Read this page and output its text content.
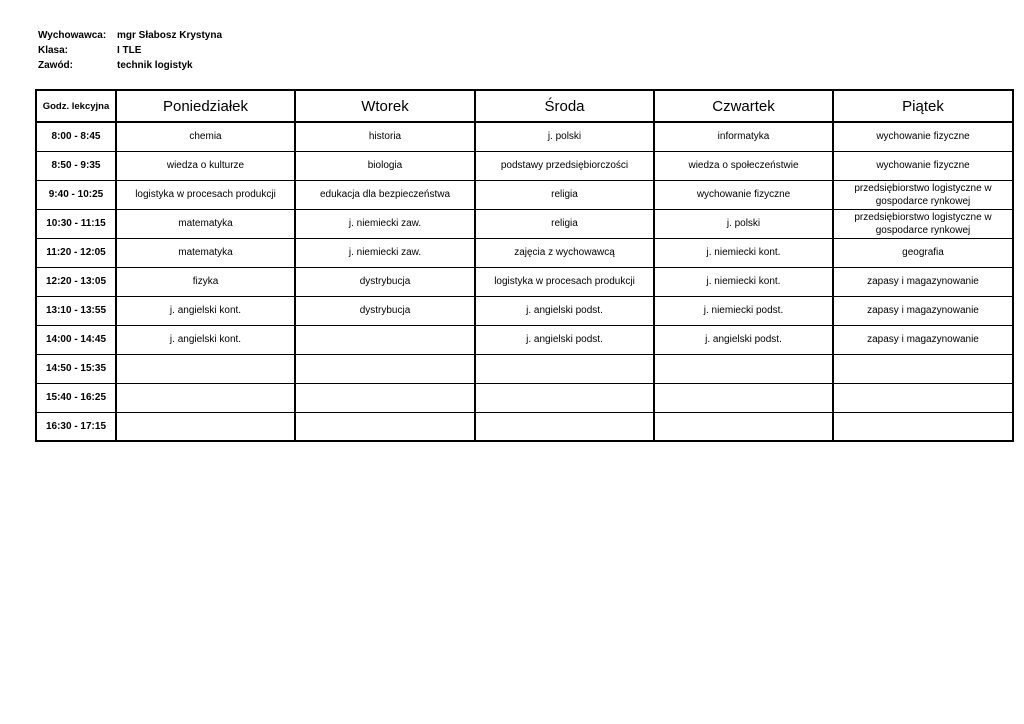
Wychowawca:	mgr Słabosz Krystyna
Klasa:	I TLE
Zawód:	technik logistyk
Godz. lekcyjna	Poniedziałek	Wtorek	Środa	Czwartek	Piątek
8:00 - 8:45	chemia	historia	j. polski	informatyka	wychowanie fizyczne
8:50 - 9:35	wiedza o kulturze	biologia	podstawy przedsiębiorczości	wiedza o społeczeństwie	wychowanie fizyczne
9:40 - 10:25	logistyka w procesach produkcji	edukacja dla bezpieczeństwa	religia	wychowanie fizyczne	przedsiębiorstwo logistyczne w gospodarce rynkowej
10:30 - 11:15	matematyka	j. niemiecki zaw.	religia	j. polski	przedsiębiorstwo logistyczne w gospodarce rynkowej
11:20 - 12:05	matematyka	j. niemiecki zaw.	zajęcia z wychowawcą	j. niemiecki kont.	geografia
12:20 - 13:05	fizyka	dystrybucja	logistyka w procesach produkcji	j. niemiecki kont.	zapasy i magazynowanie
13:10 - 13:55	j. angielski kont.	dystrybucja	j. angielski podst.	j. niemiecki podst.	zapasy i magazynowanie
14:00 - 14:45	j. angielski kont.		j. angielski podst.	j. angielski podst.	zapasy i magazynowanie
14:50 - 15:35					
15:40 - 16:25					
16:30 - 17:15					
